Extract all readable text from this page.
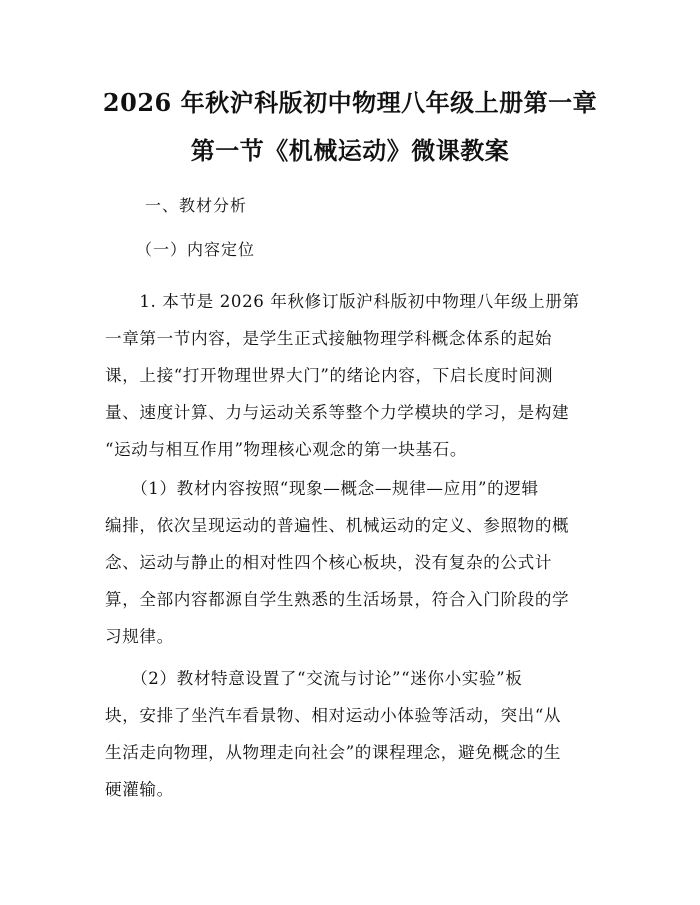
2026 年秋沪科版初中物理八年级上册第一章
第一节《机械运动》微课教案
一、教材分析
（一）内容定位
　　1. 本节是 2026 年秋修订版沪科版初中物理八年级上册第
一章第一节内容，是学生正式接触物理学科概念体系的起始
课，上接“打开物理世界大门”的绪论内容，下启长度时间测
量、速度计算、力与运动关系等整个力学模块的学习，是构建
“运动与相互作用”物理核心观念的第一块基石。
　　（1）教材内容按照“现象—概念—规律—应用”的逻辑
编排，依次呈现运动的普遍性、机械运动的定义、参照物的概
念、运动与静止的相对性四个核心板块，没有复杂的公式计
算，全部内容都源自学生熟悉的生活场景，符合入门阶段的学
习规律。
　　（2）教材特意设置了“交流与讨论”“迷你小实验”板
块，安排了坐汽车看景物、相对运动小体验等活动，突出“从
生活走向物理，从物理走向社会”的课程理念，避免概念的生
硬灌输。
